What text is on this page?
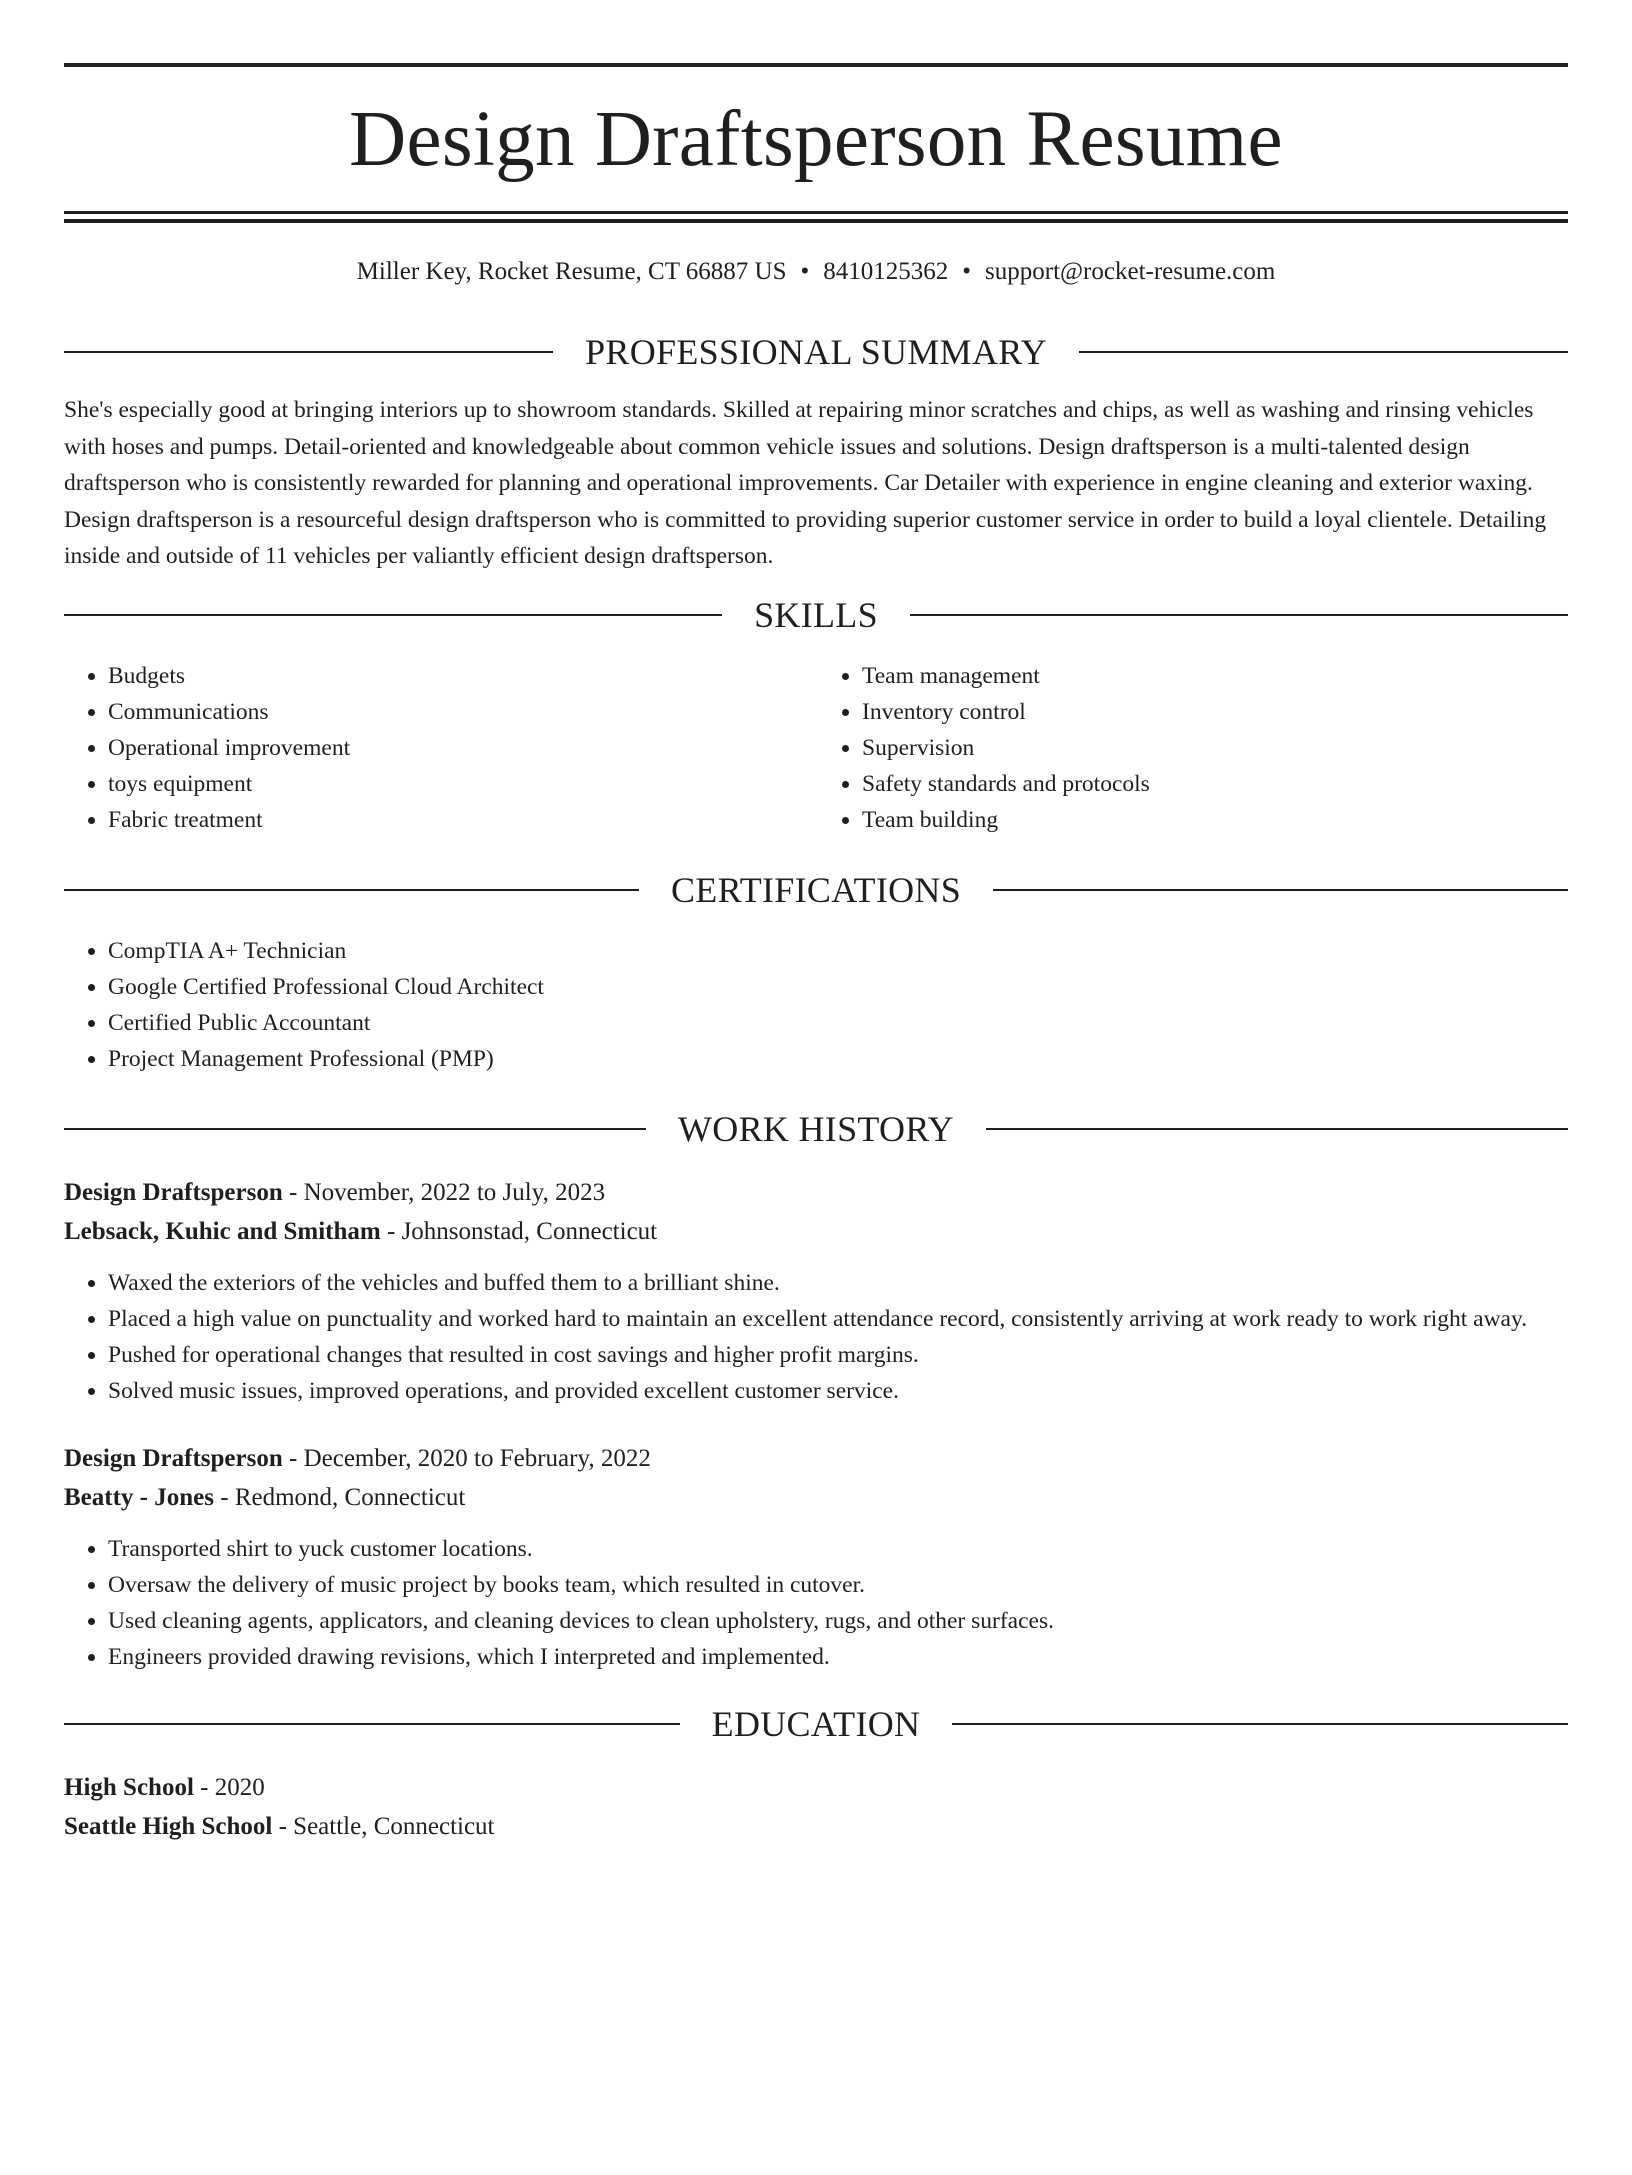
Design Draftsperson Resume
Miller Key, Rocket Resume, CT 66887 US • 8410125362 • support@rocket-resume.com
PROFESSIONAL SUMMARY

She's especially good at bringing interiors up to showroom standards. Skilled at repairing minor scratches and chips, as well as washing and rinsing vehicles with hoses and pumps. Detail-oriented and knowledgeable about common vehicle issues and solutions. Design draftsperson is a multi-talented design draftsperson who is consistently rewarded for planning and operational improvements. Car Detailer with experience in engine cleaning and exterior waxing. Design draftsperson is a resourceful design draftsperson who is committed to providing superior customer service in order to build a loyal clientele. Detailing inside and outside of 11 vehicles per valiantly efficient design draftsperson.

SKILLS
• Budgets
• Communications
• Operational improvement
• toys equipment
• Fabric treatment
• Team management
• Inventory control
• Supervision
• Safety standards and protocols
• Team building
CERTIFICATIONS
• CompTIA A+ Technician
• Google Certified Professional Cloud Architect
• Certified Public Accountant
• Project Management Professional (PMP)
WORK HISTORY
Design Draftsperson - November, 2022 to July, 2023
Lebsack, Kuhic and Smitham - Johnsonstad, Connecticut
• Waxed the exteriors of the vehicles and buffed them to a brilliant shine.
• Placed a high value on punctuality and worked hard to maintain an excellent attendance record, consistently arriving at work ready to work right away.
• Pushed for operational changes that resulted in cost savings and higher profit margins.
• Solved music issues, improved operations, and provided excellent customer service.
Design Draftsperson - December, 2020 to February, 2022
Beatty - Jones - Redmond, Connecticut
• Transported shirt to yuck customer locations.
• Oversaw the delivery of music project by books team, which resulted in cutover.
• Used cleaning agents, applicators, and cleaning devices to clean upholstery, rugs, and other surfaces.
• Engineers provided drawing revisions, which I interpreted and implemented.
EDUCATION
High School - 2020
Seattle High School - Seattle, Connecticut
